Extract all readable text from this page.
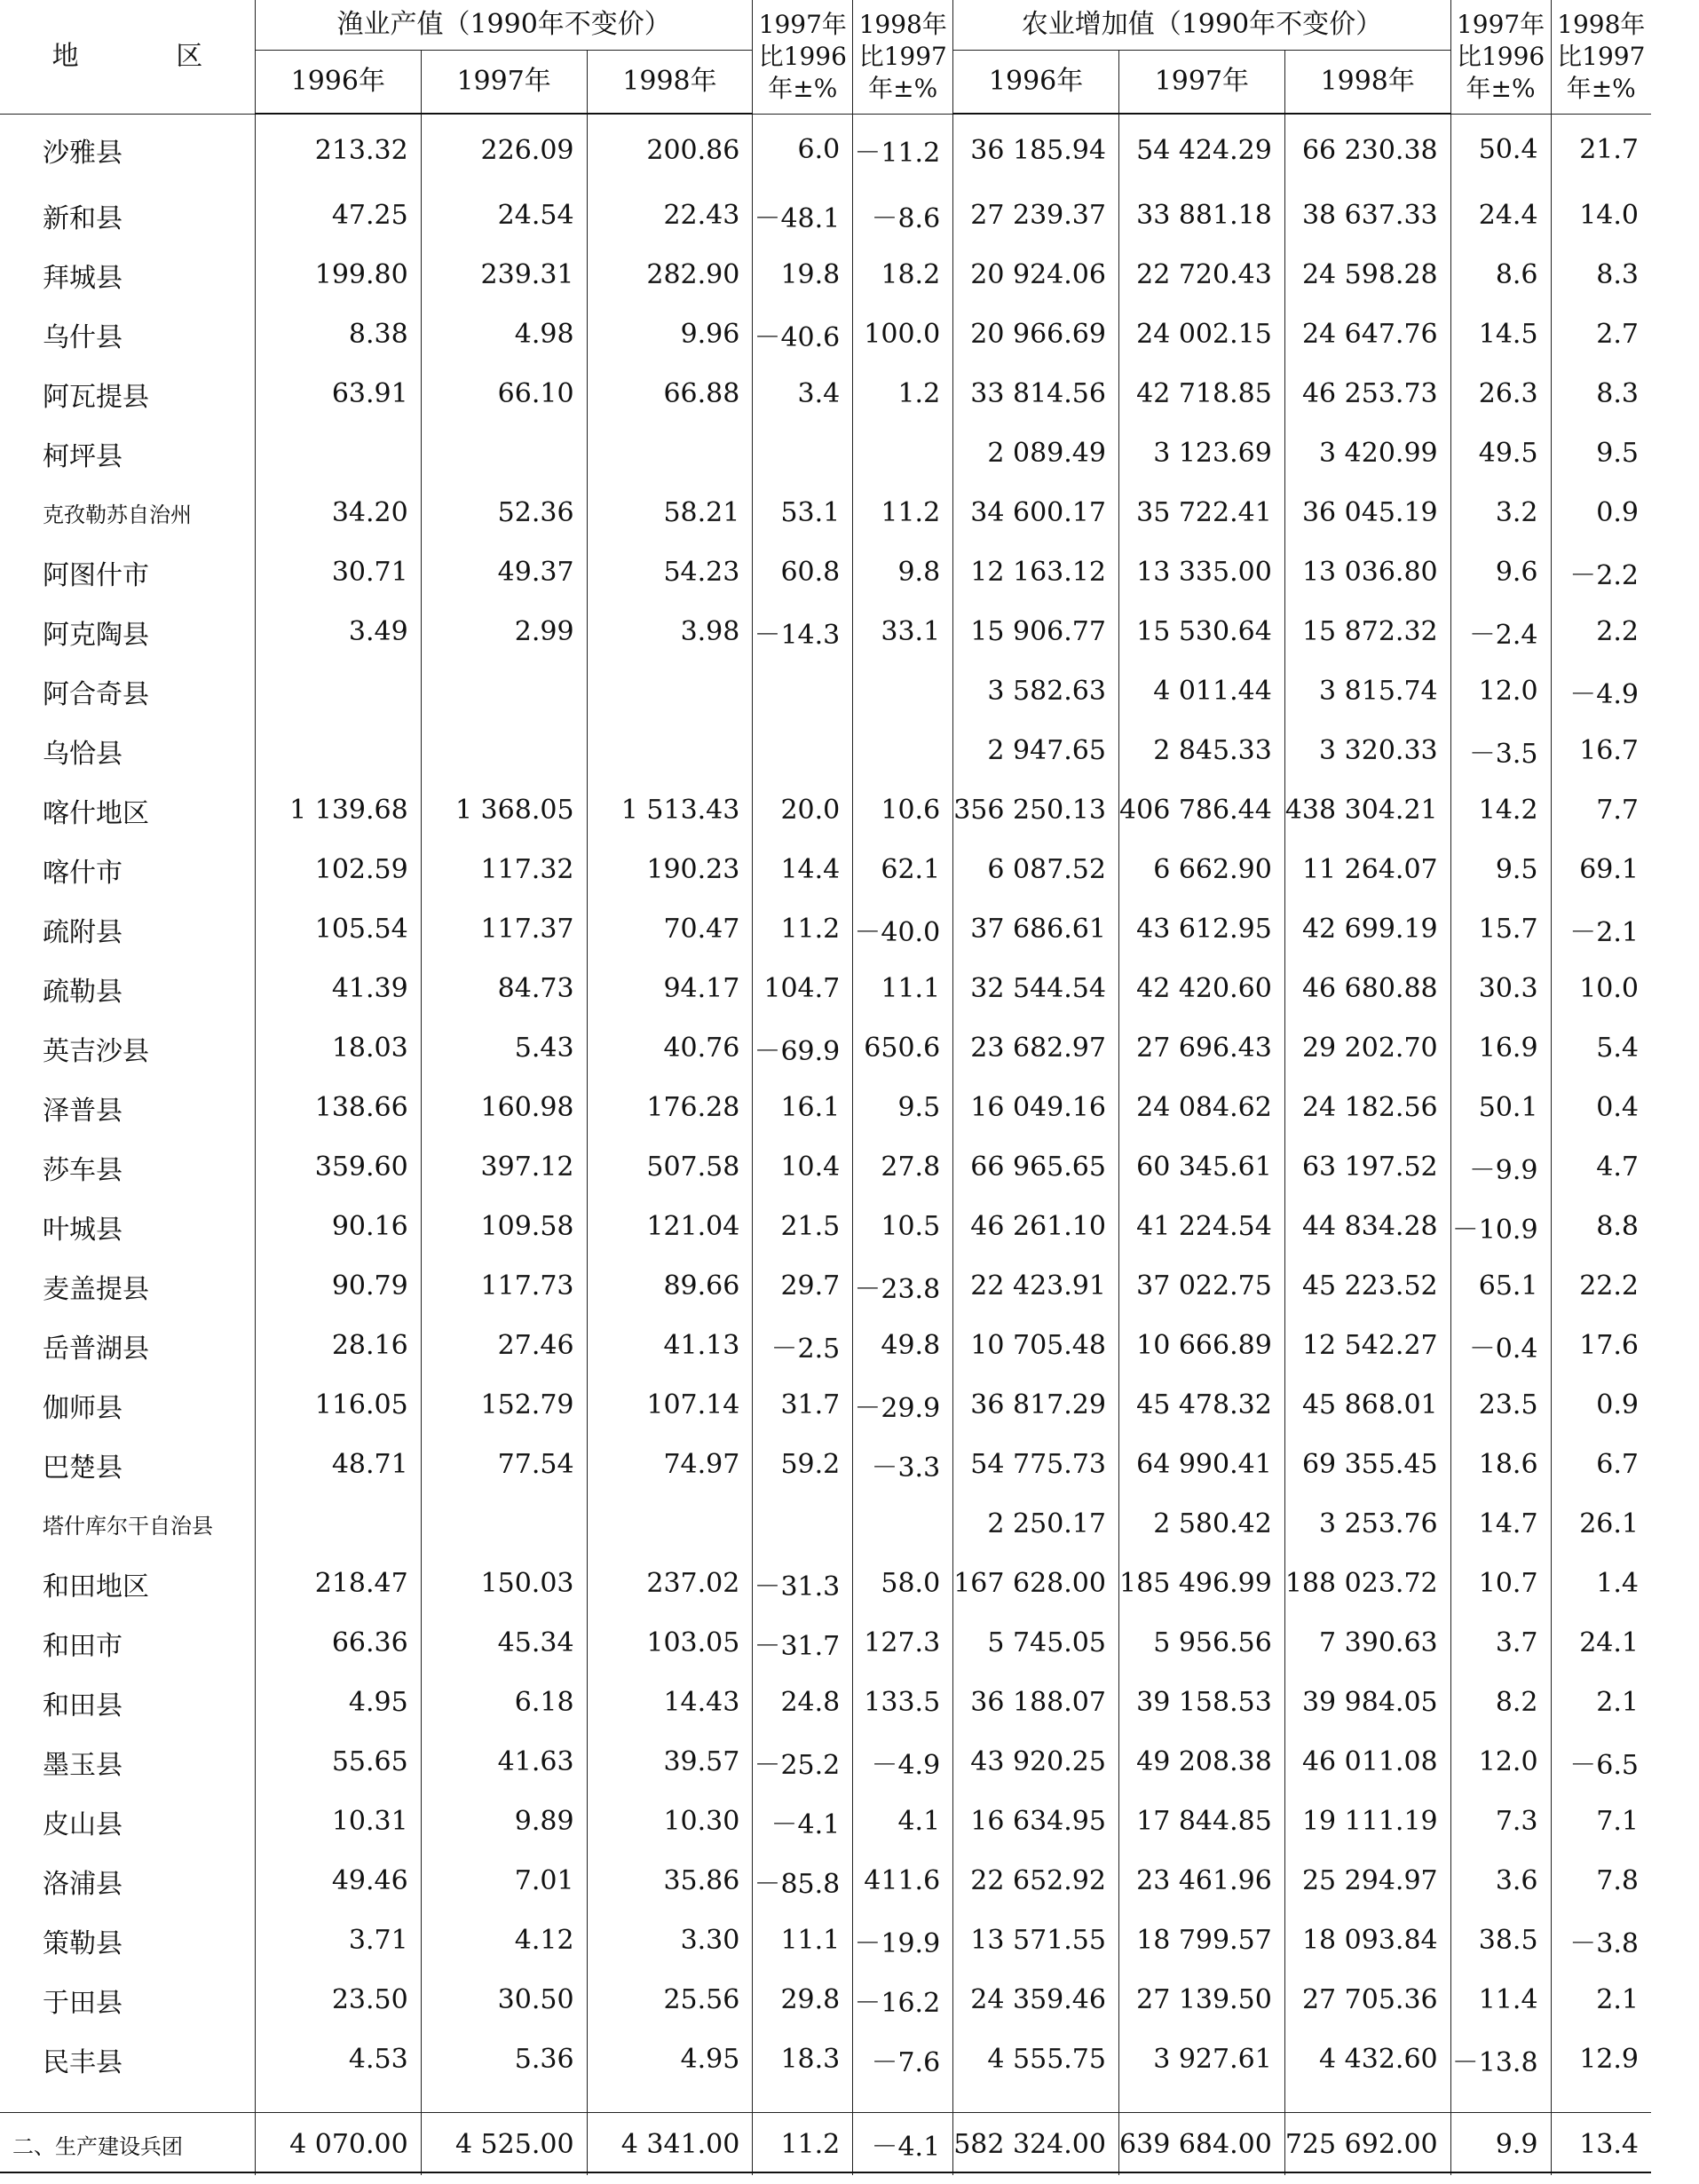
地 区	渔业产值（1990年不变价）			1997年比1996年±%	1998年比1997年±%	农业增加值（1990年不变价）			1997年比1996年±%	1998年比1997年±%
	1996年	1997年	1998年			1996年	1997年	1998年		
沙雅县	213.32	226.09	200.86	6.0	－11.2	36 185.94	54 424.29	66 230.38	50.4	21.7
新和县	47.25	24.54	22.43	－48.1	－8.6	27 239.37	33 881.18	38 637.33	24.4	14.0
拜城县	199.80	239.31	282.90	19.8	18.2	20 924.06	22 720.43	24 598.28	8.6	8.3
乌什县	8.38	4.98	9.96	－40.6	100.0	20 966.69	24 002.15	24 647.76	14.5	2.7
阿瓦提县	63.91	66.10	66.88	3.4	1.2	33 814.56	42 718.85	46 253.73	26.3	8.3
柯坪县						2 089.49	3 123.69	3 420.99	49.5	9.5
克孜勒苏自治州	34.20	52.36	58.21	53.1	11.2	34 600.17	35 722.41	36 045.19	3.2	0.9
阿图什市	30.71	49.37	54.23	60.8	9.8	12 163.12	13 335.00	13 036.80	9.6	－2.2
阿克陶县	3.49	2.99	3.98	－14.3	33.1	15 906.77	15 530.64	15 872.32	－2.4	2.2
阿合奇县						3 582.63	4 011.44	3 815.74	12.0	－4.9
乌恰县						2 947.65	2 845.33	3 320.33	－3.5	16.7
喀什地区	1 139.68	1 368.05	1 513.43	20.0	10.6	356 250.13	406 786.44	438 304.21	14.2	7.7
喀什市	102.59	117.32	190.23	14.4	62.1	6 087.52	6 662.90	11 264.07	9.5	69.1
疏附县	105.54	117.37	70.47	11.2	－40.0	37 686.61	43 612.95	42 699.19	15.7	－2.1
疏勒县	41.39	84.73	94.17	104.7	11.1	32 544.54	42 420.60	46 680.88	30.3	10.0
英吉沙县	18.03	5.43	40.76	－69.9	650.6	23 682.97	27 696.43	29 202.70	16.9	5.4
泽普县	138.66	160.98	176.28	16.1	9.5	16 049.16	24 084.62	24 182.56	50.1	0.4
莎车县	359.60	397.12	507.58	10.4	27.8	66 965.65	60 345.61	63 197.52	－9.9	4.7
叶城县	90.16	109.58	121.04	21.5	10.5	46 261.10	41 224.54	44 834.28	－10.9	8.8
麦盖提县	90.79	117.73	89.66	29.7	－23.8	22 423.91	37 022.75	45 223.52	65.1	22.2
岳普湖县	28.16	27.46	41.13	－2.5	49.8	10 705.48	10 666.89	12 542.27	－0.4	17.6
伽师县	116.05	152.79	107.14	31.7	－29.9	36 817.29	45 478.32	45 868.01	23.5	0.9
巴楚县	48.71	77.54	74.97	59.2	－3.3	54 775.73	64 990.41	69 355.45	18.6	6.7
塔什库尔干自治县						2 250.17	2 580.42	3 253.76	14.7	26.1
和田地区	218.47	150.03	237.02	－31.3	58.0	167 628.00	185 496.99	188 023.72	10.7	1.4
和田市	66.36	45.34	103.05	－31.7	127.3	5 745.05	5 956.56	7 390.63	3.7	24.1
和田县	4.95	6.18	14.43	24.8	133.5	36 188.07	39 158.53	39 984.05	8.2	2.1
墨玉县	55.65	41.63	39.57	－25.2	－4.9	43 920.25	49 208.38	46 011.08	12.0	－6.5
皮山县	10.31	9.89	10.30	－4.1	4.1	16 634.95	17 844.85	19 111.19	7.3	7.1
洛浦县	49.46	7.01	35.86	－85.8	411.6	22 652.92	23 461.96	25 294.97	3.6	7.8
策勒县	3.71	4.12	3.30	11.1	－19.9	13 571.55	18 799.57	18 093.84	38.5	－3.8
于田县	23.50	30.50	25.56	29.8	－16.2	24 359.46	27 139.50	27 705.36	11.4	2.1
民丰县	4.53	5.36	4.95	18.3	－7.6	4 555.75	3 927.61	4 432.60	－13.8	12.9

二、生产建设兵团	4 070.00	4 525.00	4 341.00	11.2	－4.1	582 324.00	639 684.00	725 692.00	9.9	13.4
